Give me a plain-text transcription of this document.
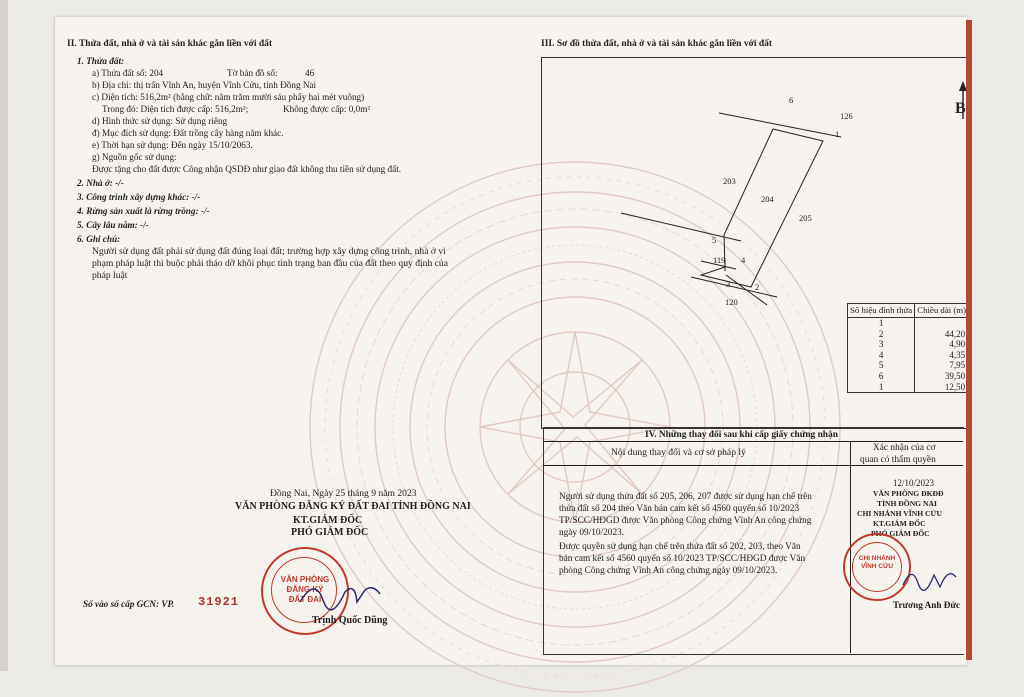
II. Thửa đất, nhà ở và tài sản khác gắn liền với đất
1. Thửa đất:
a) Thửa đất số: 204	Tờ bản đồ số:	46
b) Địa chỉ: thị trấn Vĩnh An, huyện Vĩnh Cửu, tỉnh Đồng Nai
c) Diện tích: 516,2m² (bằng chữ: năm trăm mười sáu phẩy hai mét vuông)
Trong đó: Diện tích được cấp: 516,2m²;	Không được cấp: 0,0m²
d) Hình thức sử dụng: Sử dụng riêng
đ) Mục đích sử dụng: Đất trồng cây hàng năm khác.
e) Thời hạn sử dụng: Đến ngày 15/10/2063.
g) Nguồn gốc sử dụng:
Được tặng cho đất được Công nhận QSDĐ như giao đất không thu tiền sử dụng đất.
2. Nhà ở: -/-
3. Công trình xây dựng khác: -/-
4. Rừng sản xuất là rừng trồng: -/-
5. Cây lâu năm: -/-
6. Ghi chú:
Người sử dụng đất phải sử dụng đất đúng loại đất; trường hợp xây dựng công trình, nhà ở vi
phạm pháp luật thì buộc phải tháo dỡ khôi phục tình trạng ban đầu của đất theo quy định của
pháp luật
Đồng Nai, Ngày 25 tháng 9 năm 2023
VĂN PHÒNG ĐĂNG KÝ ĐẤT ĐAI TỈNH ĐỒNG NAI
KT.GIÁM ĐỐC
PHÓ GIÁM ĐỐC
VĂN PHÒNG
ĐĂNG KÝ
ĐẤT ĐAI
Trịnh Quốc Dũng
Số vào sổ cấp GCN: VP. 31921
III. Sơ đồ thửa đất, nhà ở và tài sản khác gắn liền với đất
6
126
1
203
204
205
5
119 4
3	2
120
B
Số hiệu đỉnh thửa	Chiều dài (m)
1	
2	44,20
3	4,90
4	4,35
5	7,95
6	39,50
1	12,50
IV. Những thay đổi sau khi cấp giấy chứng nhận
Nội dung thay đổi và cơ sở pháp lý	Xác nhận của cơ
quan có thẩm quyền
Người sử dụng thửa đất số 205, 206, 207 được sử dụng hạn chế trên
thửa đất số 204 theo Văn bản cam kết số 4560 quyển số 10/2023
TP/SCC/HĐGD được Văn phòng Công chứng Vĩnh An công chứng
ngày 09/10/2023.
Được quyền sử dụng hạn chế trên thửa đất số 202, 203, theo Văn
bản cam kết số 4560 quyển số 10/2023 TP/SCC/HĐGD được Văn
phòng Công chứng Vĩnh An công chứng ngày 09/10/2023.
12/10/2023
VĂN PHÒNG ĐKĐĐ
TỈNH ĐỒNG NAI
CHI NHÁNH VĨNH CỬU
KT.GIÁM ĐỐC
PHÓ GIÁM ĐỐC
CHI NHÁNH VĨNH CỬU
Trương Anh Đức
